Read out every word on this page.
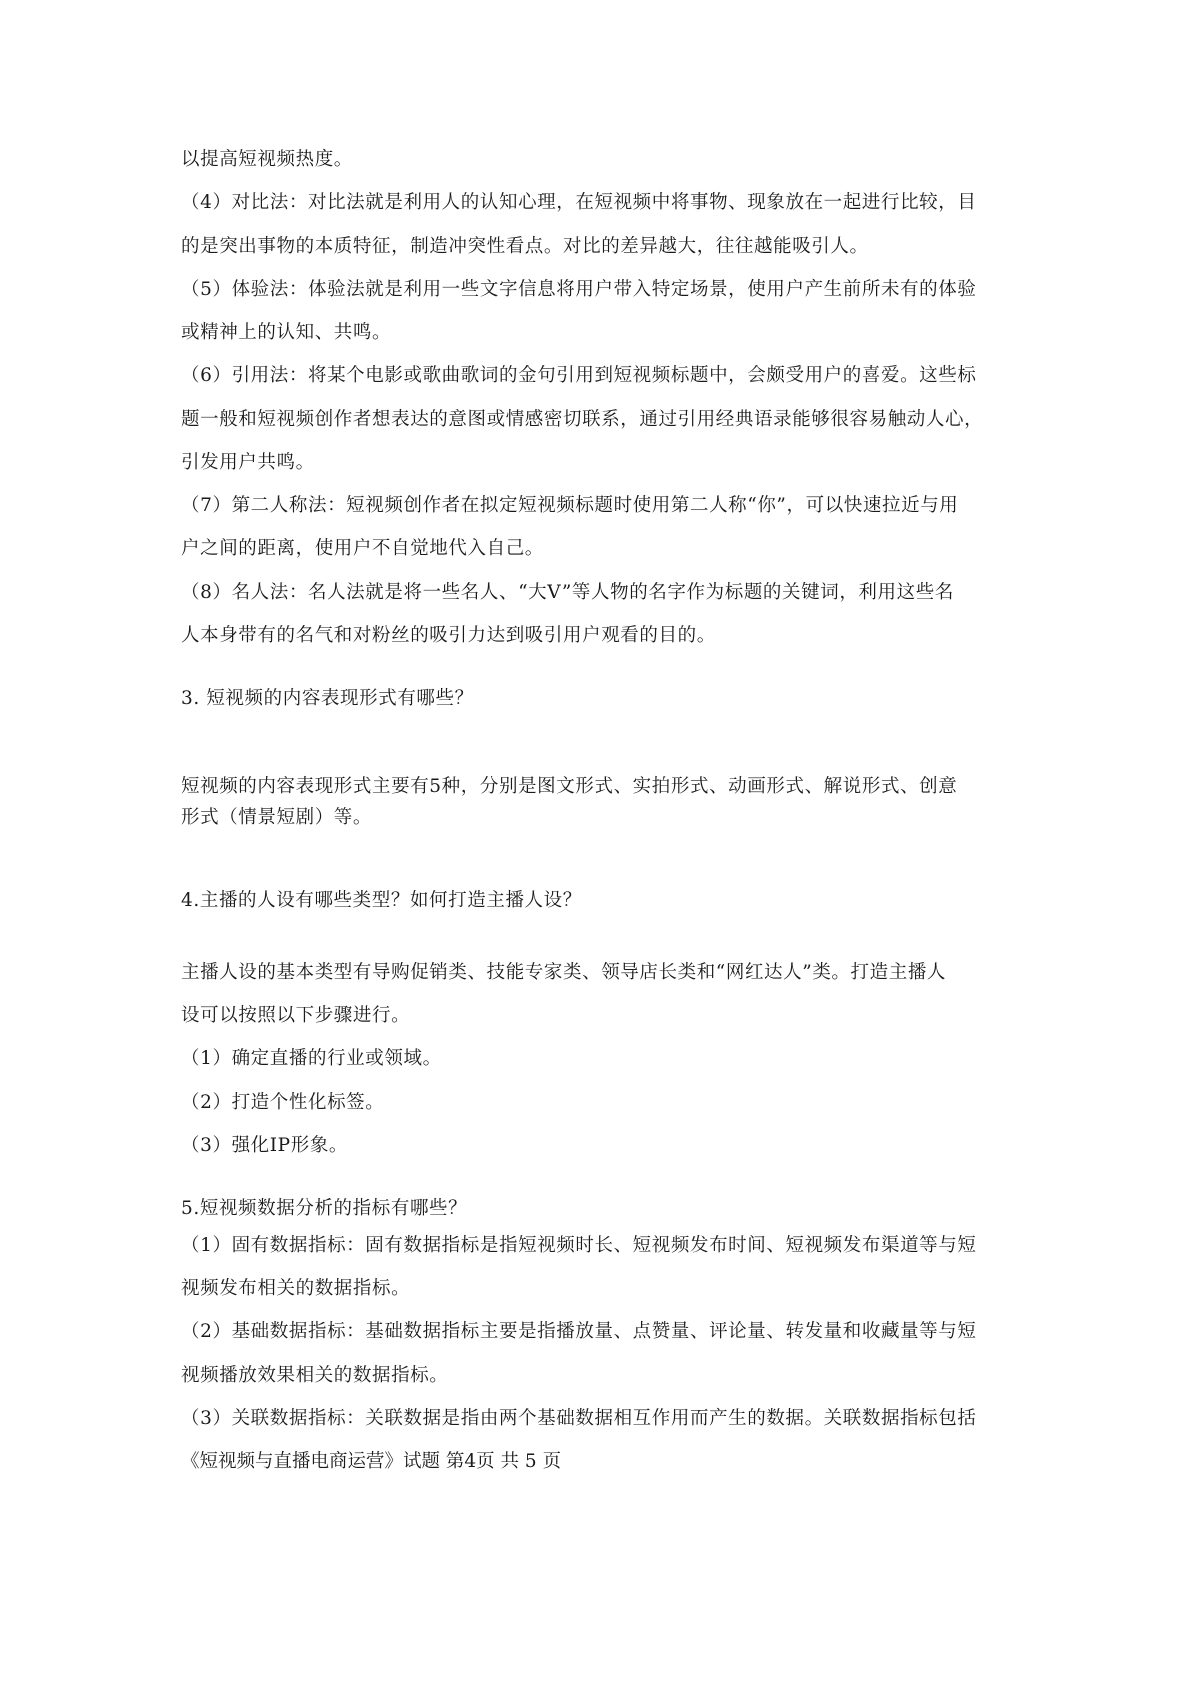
以提高短视频热度。
（4）对比法：对比法就是利用人的认知心理，在短视频中将事物、现象放在一起进行比较，目
的是突出事物的本质特征，制造冲突性看点。对比的差异越大，往往越能吸引人。
（5）体验法：体验法就是利用一些文字信息将用户带入特定场景，使用户产生前所未有的体验
或精神上的认知、共鸣。
（6）引用法：将某个电影或歌曲歌词的金句引用到短视频标题中，会颇受用户的喜爱。这些标
题一般和短视频创作者想表达的意图或情感密切联系，通过引用经典语录能够很容易触动人心，
引发用户共鸣。
（7）第二人称法：短视频创作者在拟定短视频标题时使用第二人称“你”，可以快速拉近与用
户之间的距离，使用户不自觉地代入自己。
（8）名人法：名人法就是将一些名人、“大V”等人物的名字作为标题的关键词，利用这些名
人本身带有的名气和对粉丝的吸引力达到吸引用户观看的目的。
3. 短视频的内容表现形式有哪些？
短视频的内容表现形式主要有5种，分别是图文形式、实拍形式、动画形式、解说形式、创意
形式（情景短剧）等。
4.主播的人设有哪些类型？如何打造主播人设？
主播人设的基本类型有导购促销类、技能专家类、领导店长类和“网红达人”类。打造主播人
设可以按照以下步骤进行。
（1）确定直播的行业或领域。
（2）打造个性化标签。
（3）强化IP形象。
5.短视频数据分析的指标有哪些？
（1）固有数据指标：固有数据指标是指短视频时长、短视频发布时间、短视频发布渠道等与短
视频发布相关的数据指标。
（2）基础数据指标：基础数据指标主要是指播放量、点赞量、评论量、转发量和收藏量等与短
视频播放效果相关的数据指标。
（3）关联数据指标：关联数据是指由两个基础数据相互作用而产生的数据。关联数据指标包括
《短视频与直播电商运营》试题 第4页 共 5 页
